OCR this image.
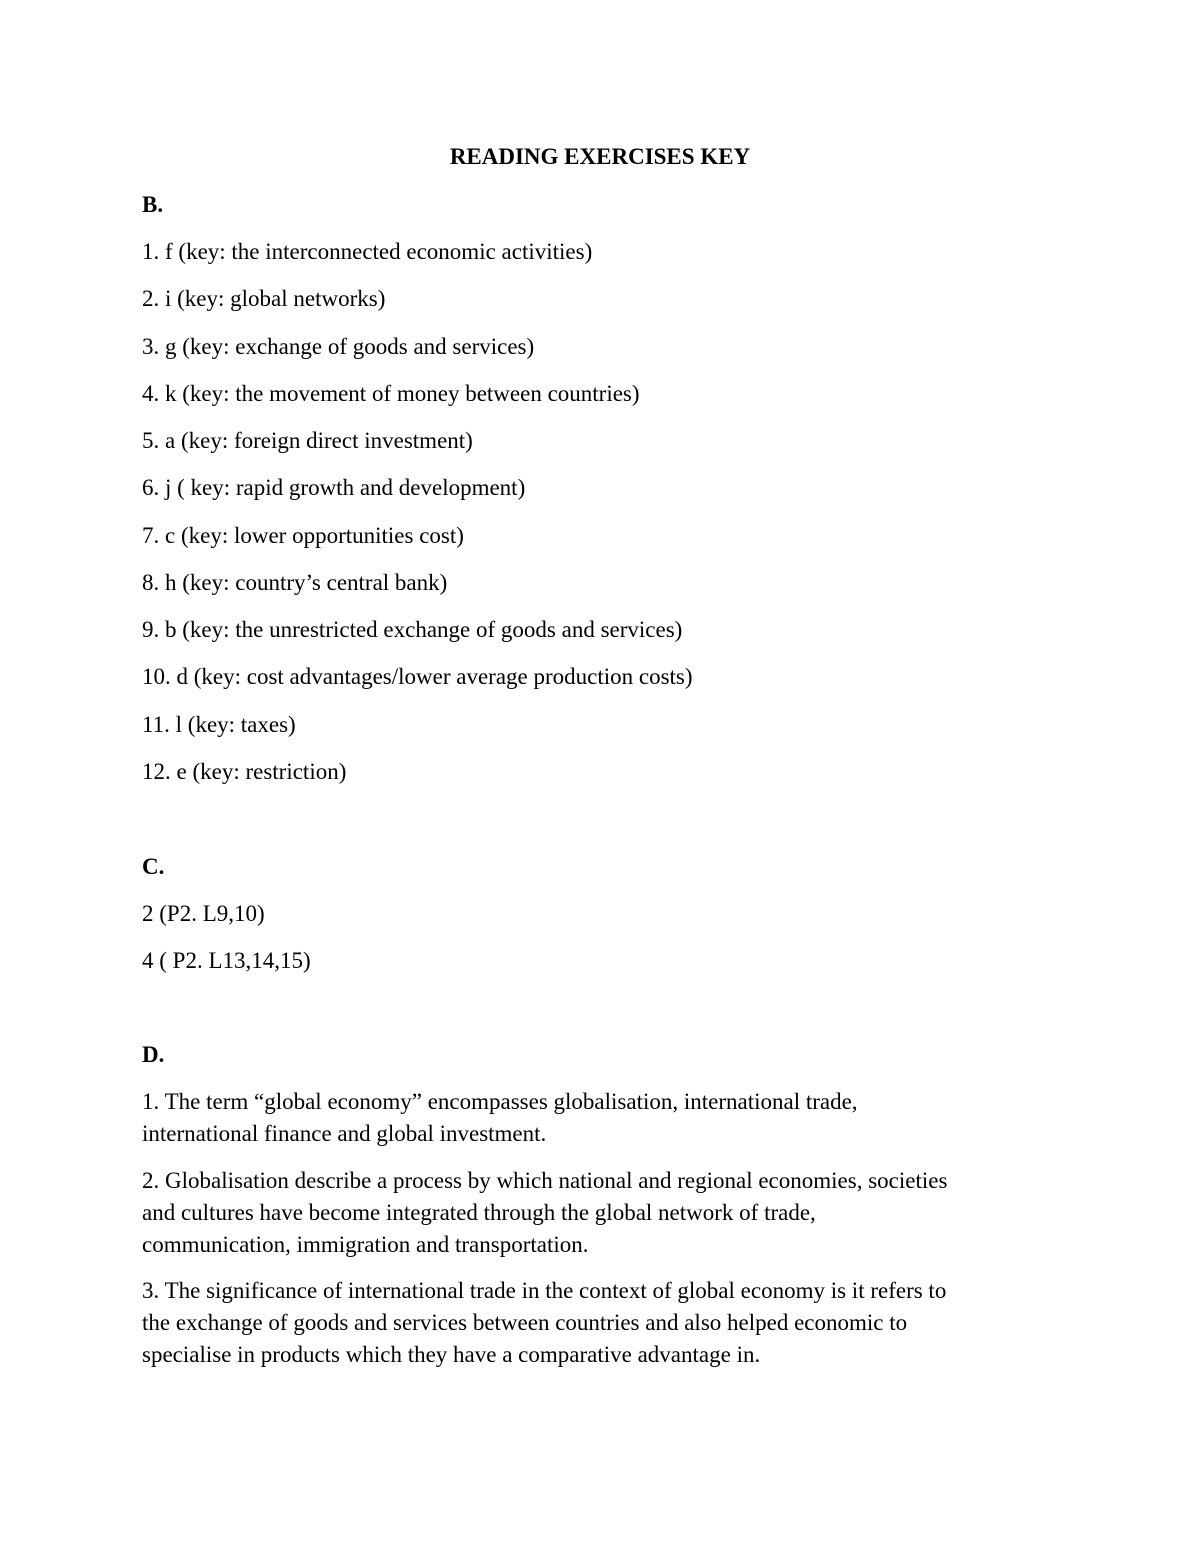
READING EXERCISES KEY
B.
1. f (key: the interconnected economic activities)
2. i (key: global networks)
3. g (key: exchange of goods and services)
4. k (key: the movement of money between countries)
5. a (key: foreign direct investment)
6. j ( key: rapid growth and development)
7. c (key: lower opportunities cost)
8. h (key: country’s central bank)
9. b (key: the unrestricted exchange of goods and services)
10. d (key: cost advantages/lower average production costs)
11. l (key: taxes)
12. e (key: restriction)
C.
2 (P2. L9,10)
4 ( P2. L13,14,15)
D.
1. The term “global economy” encompasses globalisation, international trade,
international finance and global investment.
2. Globalisation describe a process by which national and regional economies, societies
and cultures have become integrated through the global network of trade,
communication, immigration and transportation.
3. The significance of international trade in the context of global economy is it refers to
the exchange of goods and services between countries and also helped economic to
specialise in products which they have a comparative advantage in.
